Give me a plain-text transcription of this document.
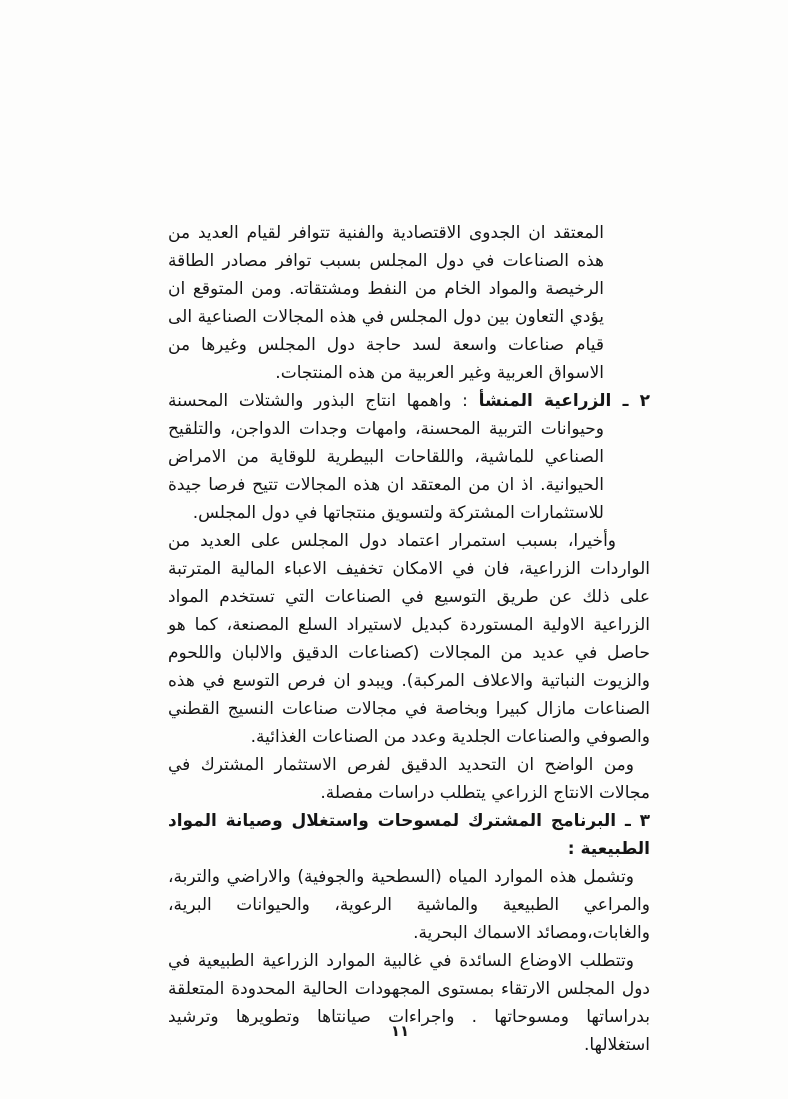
المعتقد ان الجدوى الاقتصادية والفنية تتوافر لقيام العديد من هذه الصناعات في دول المجلس بسبب توافر مصادر الطاقة الرخيصة والمواد الخام من النفط ومشتقاته. ومن المتوقع ان يؤدي التعاون بين دول المجلس في هذه المجالات الصناعية الى قيام صناعات واسعة لسد حاجة دول المجلس وغيرها من الاسواق العربية وغير العربية من هذه المنتجات.

٢ ـ الزراعية المنشأ : واهمها انتاج البذور والشتلات المحسنة وحيوانات التربية المحسنة، وامهات وجدات الدواجن، والتلقيح الصناعي للماشية، واللقاحات البيطرية للوقاية من الامراض الحيوانية. اذ ان من المعتقد ان هذه المجالات تتيح فرصا جيدة للاستثمارات المشتركة ولتسويق منتجاتها في دول المجلس.

وأخيرا، بسبب استمرار اعتماد دول المجلس على العديد من الواردات الزراعية، فان في الامكان تخفيف الاعباء المالية المترتبة على ذلك عن طريق التوسيع في الصناعات التي تستخدم المواد الزراعية الاولية المستوردة كبديل لاستيراد السلع المصنعة، كما هو حاصل في عديد من المجالات (كصناعات الدقيق والالبان واللحوم والزيوت النباتية والاعلاف المركبة). ويبدو ان فرص التوسع في هذه الصناعات مازال كبيرا وبخاصة في مجالات صناعات النسيج القطني والصوفي والصناعات الجلدية وعدد من الصناعات الغذائية.

ومن الواضح ان التحديد الدقيق لفرص الاستثمار المشترك في مجالات الانتاج الزراعي يتطلب دراسات مفصلة.

٣ ـ البرنامج المشترك لمسوحات واستغلال وصيانة المواد الطبيعية :

وتشمل هذه الموارد المياه (السطحية والجوفية) والاراضي والتربة، والمراعي الطبيعية والماشية الرعوية، والحيوانات البرية، والغابات،ومصائد الاسماك البحرية.

وتتطلب الاوضاع السائدة في غالبية الموارد الزراعية الطبيعية في دول المجلس الارتقاء بمستوى المجهودات الحالية المحدودة المتعلقة بدراساتها ومسوحاتها . واجراءات صيانتاها وتطويرها وترشيد استغلالها.

١١
